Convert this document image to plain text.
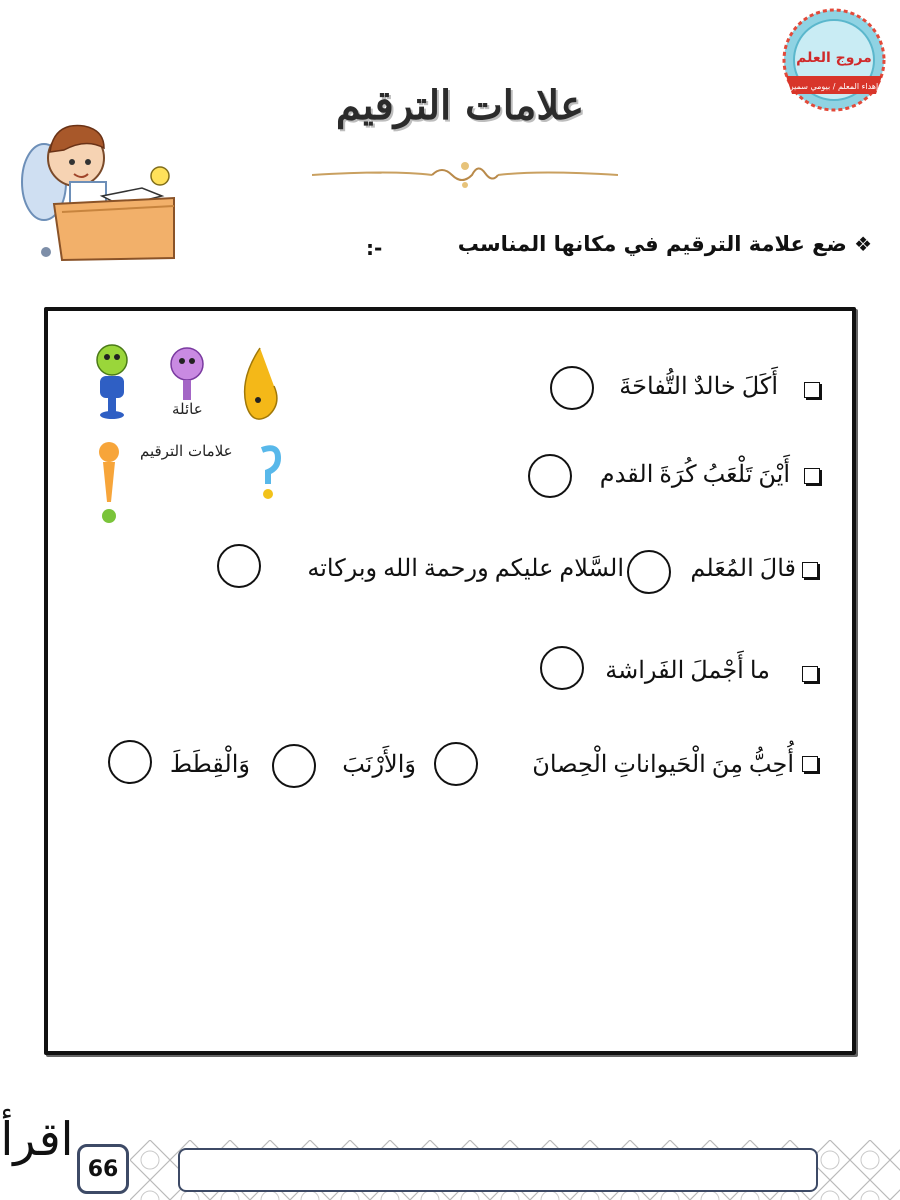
مروج العلم
إهداء المعلم / بيومي سمير
علامات الترقيم
❖ ضع علامة الترقيم في مكانها المناسب
:-
عائلة
علامات الترقيم
أَكَلَ خالدٌ التُّفاحَةَ
أَيْنَ تَلْعَبُ كُرَةَ القدم
قالَ المُعَلم
السَّلام عليكم ورحمة الله وبركاته
ما أَجْملَ الفَراشة
أُحِبُّ مِنَ الْحَيواناتِ الْحِصانَ
وَالأَرْنَبَ
وَالْقِطَطَ
66
اقرأ
